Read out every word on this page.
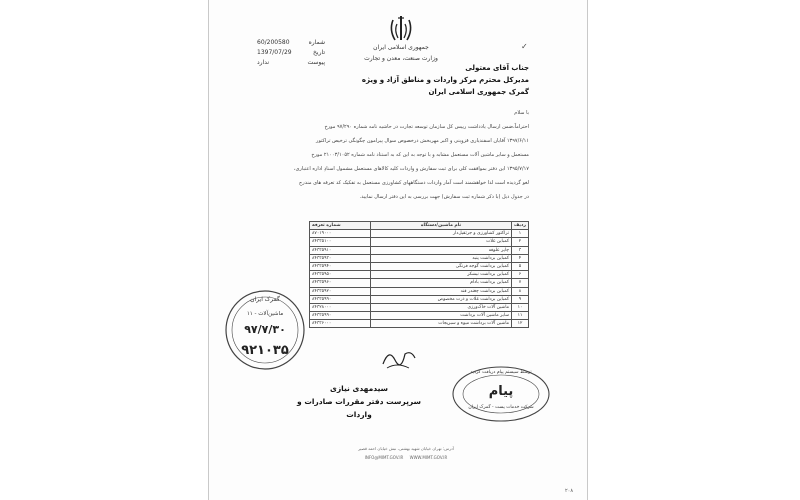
✓
جمهوری اسلامی ایران
وزارت صنعت، معدن و تجارت
60/200580	شماره
1397/07/29	تاریخ
ندارد	پیوست
جناب آقای معتولی
مدیرکل محترم مرکز واردات و مناطق آزاد و ویژه
گمرک جمهوری اسلامی ایران
با سلام
احتراماً،ضمن ارسال یادداشت رییس کل سازمان توسعه تجارت در حاشیه نامه شماره ۹۷/۲۹۰ مورخ
۱۳۹۷/۶/۱۱ آقایان اسفندیاری قزوینی و اکبر مهربخش درخصوص سوال پیرامون چگونگی ترخیص تراکتور
مستعمل و سایر ماشین آلات مستعمل مشابه و با توجه به این که به استناد نامه شماره ۲۱۰۰۳/۱۰۵۲ مورخ
۱۳۹۵/۷/۱۷ این دفتر بموافقت کلی برای ثبت سفارش و واردات کلیه کالاهای مستعمل مشمول اسنادِ اداره اعتباری،
لغو گردیده است لذا خواهشمند است آمار واردات دستگاههای کشاورزی مستعمل به تفکیک کد تعرفه های مندرج
در جدول ذیل (با ذکر شماره ثبت سفارش) جهت بررسی به این دفتر ارسال نمایید.
ردیف	نام ماشین/دستگاه	شماره تعرفه
۱	تراکتور کشاورزی و جرثقیل‌دار	۸۷۰۱۹۰۰۰
۲	کمباین غلات	۸۴۳۳۵۱۰۰
۳	چاپر علوفه	۸۴۳۳۵۹۱۰
۴	کمباین برداشت پنبه	۸۴۳۳۵۹۳۰
۵	کمباین برداشت گوجه فرنگی	۸۴۳۳۵۹۴۰
۶	کمباین برداشت نیشکر	۸۴۳۳۵۹۵۰
۷	کمباین برداشت بادام	۸۴۳۳۵۹۶۰
۸	کمباین برداشت چغندر قند	۸۴۳۳۵۹۲۰
۹	کمباین برداشت غلات و ذرت مخصوص	۸۴۳۳۵۹۹۰
۱۰	ماشین آلات خاک‌ورزی	۸۴۳۲۸۰۰۰
۱۱	سایر ماشین آلات برداشت	۸۴۳۳۵۹۹۰
۱۲	ماشین آلات برداشت میوه و سبزیجات	۸۴۳۳۶۰۰۰
گمرک ایران
ماشین‌آلات - ۱۱
۹۷/۷/۳۰
۹۲۱۰۳۵
توسط سیستم پیام دریافت گردید
پیام
شرکت خدمات پست - گمرک ایران
سیدمهدی نیازی
سرپرست دفتر مقررات صادرات و واردات
آدرس: تهران خیابان شهید بهشتی، نبش خیابان احمد قصیر
INFO@MIMT.GOV.IR WWW.MIMT.GOV.IR
۲۰۸
